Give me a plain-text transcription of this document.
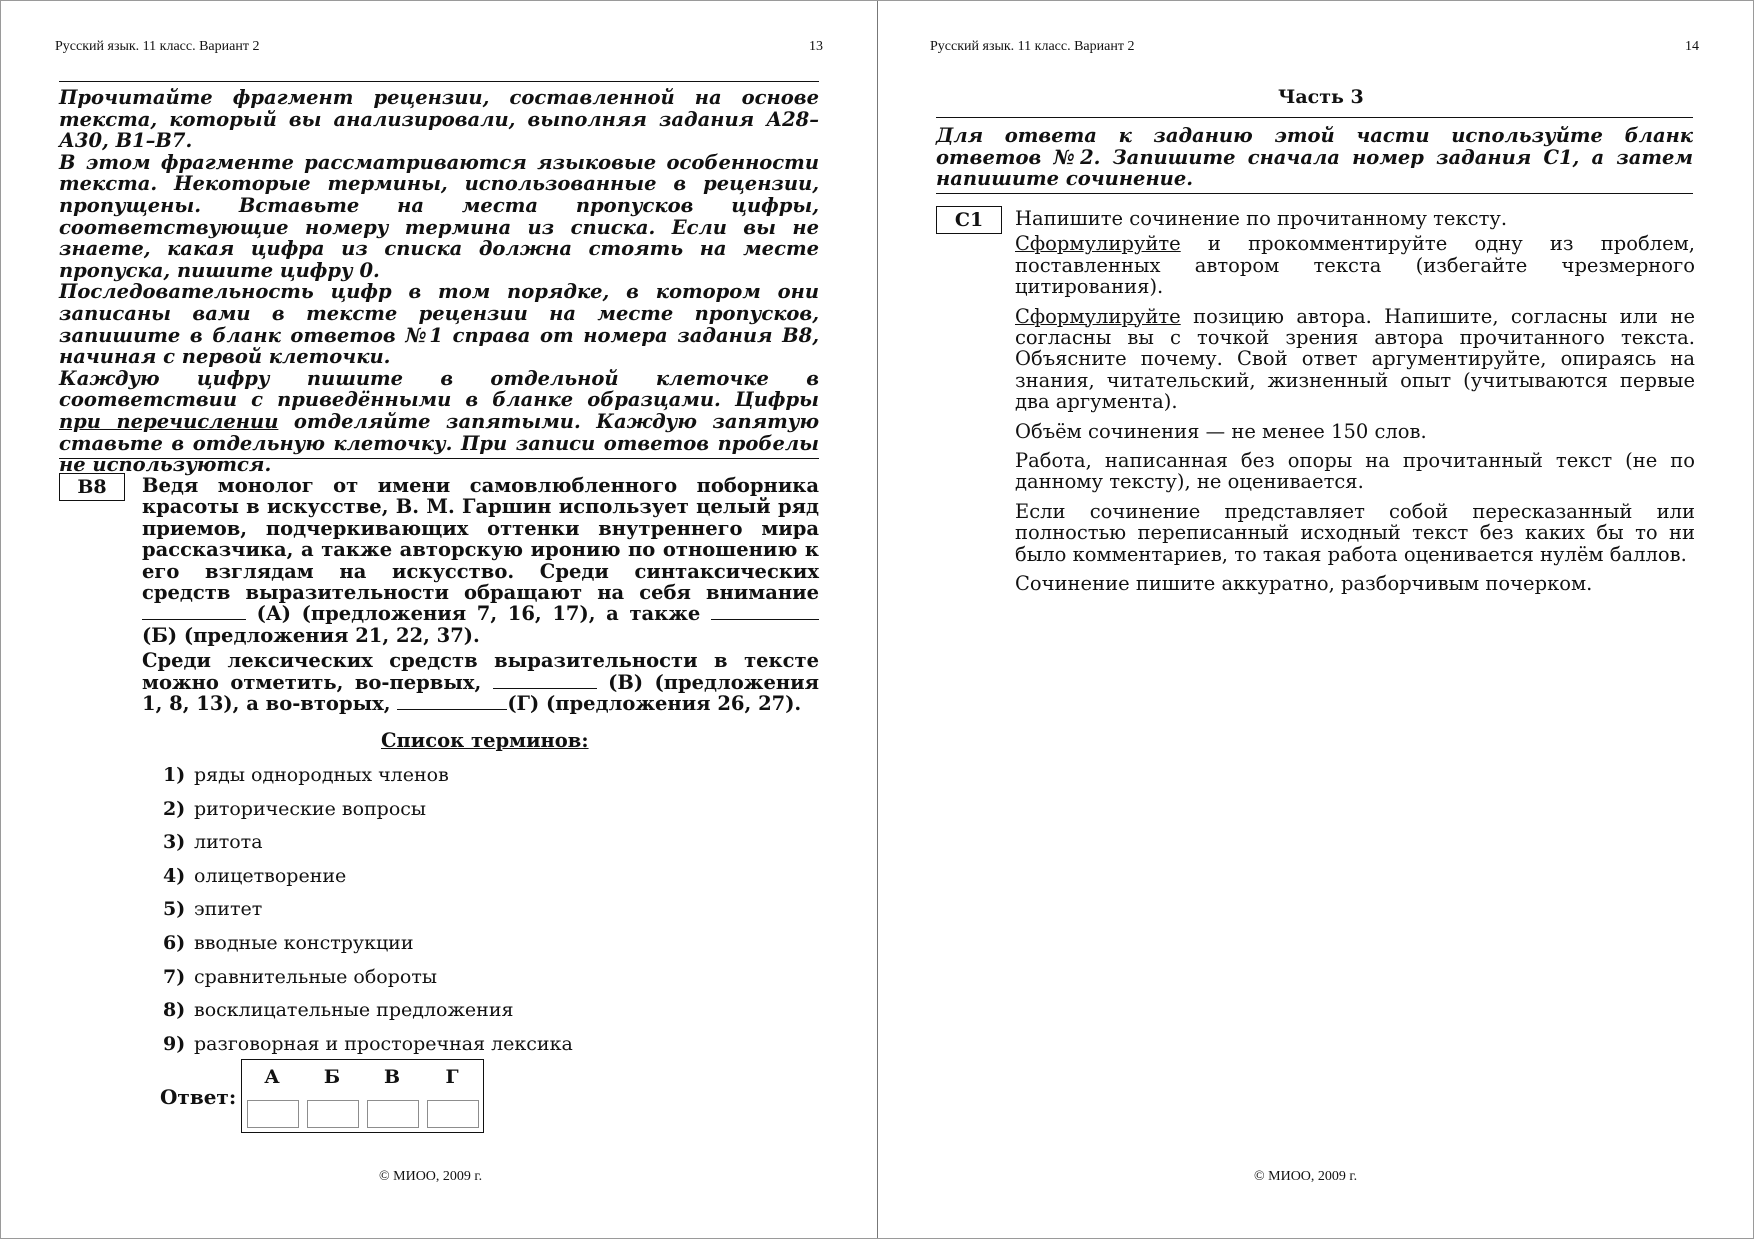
Русский язык. 11 класс. Вариант 2	13

Прочитайте фрагмент рецензии, составленной на основе текста, который вы анализировали, выполняя задания А28–А30, В1–В7.

В этом фрагменте рассматриваются языковые особенности текста. Некоторые термины, использованные в рецензии, пропущены. Вставьте на места пропусков цифры, соответствующие номеру термина из списка. Если вы не знаете, какая цифра из списка должна стоять на месте пропуска, пишите цифру 0.

Последовательность цифр в том порядке, в котором они записаны вами в тексте рецензии на месте пропусков, запишите в бланк ответов №1 справа от номера задания В8, начиная с первой клеточки.

Каждую цифру пишите в отдельной клеточке в соответствии с приведёнными в бланке образцами. Цифры при перечислении отделяйте запятыми. Каждую запятую ставьте в отдельную клеточку. При записи ответов пробелы не используются.

В8	Ведя монолог от имени самовлюбленного поборника красоты в искусстве, В. М. Гаршин использует целый ряд приемов, подчеркивающих оттенки внутреннего мира рассказчика, а также авторскую иронию по отношению к его взглядам на искусство. Среди синтаксических средств выразительности обращают на себя внимание  (А) (предложения 7, 16, 17), а также  (Б) (предложения 21, 22, 37).

Среди лексических средств выразительности в тексте можно отметить, во-первых,	(В) (предложения 1, 8, 13), а во-вторых,	(Г) (предложения 26, 27).

Список терминов:
1) ряды однородных членов
2) риторические вопросы
3) литота
4) олицетворение
5) эпитет
6) вводные конструкции
7) сравнительные обороты
8) восклицательные предложения
9) разговорная и просторечная лексика
Ответ:
А	Б	В	Г
© МИОО, 2009 г.
Русский язык. 11 класс. Вариант 2	14
Часть 3

Для ответа к заданию этой части используйте бланк ответов №2. Запишите сначала номер задания С1, а затем напишите сочинение.

С1	Напишите сочинение по прочитанному тексту.

Сформулируйте и прокомментируйте одну из проблем, поставленных автором текста (избегайте чрезмерного цитирования).

Сформулируйте позицию автора. Напишите, согласны или не согласны вы с точкой зрения автора прочитанного текста. Объясните почему. Свой ответ аргументируйте, опираясь на знания, читательский, жизненный опыт (учитываются первые два аргумента).

Объём сочинения — не менее 150 слов.

Работа, написанная без опоры на прочитанный текст (не по данному тексту), не оценивается.

Если сочинение представляет собой пересказанный или полностью переписанный исходный текст без каких бы то ни было комментариев, то такая работа оценивается нулём баллов.

Сочинение пишите аккуратно, разборчивым почерком.

© МИОО, 2009 г.
